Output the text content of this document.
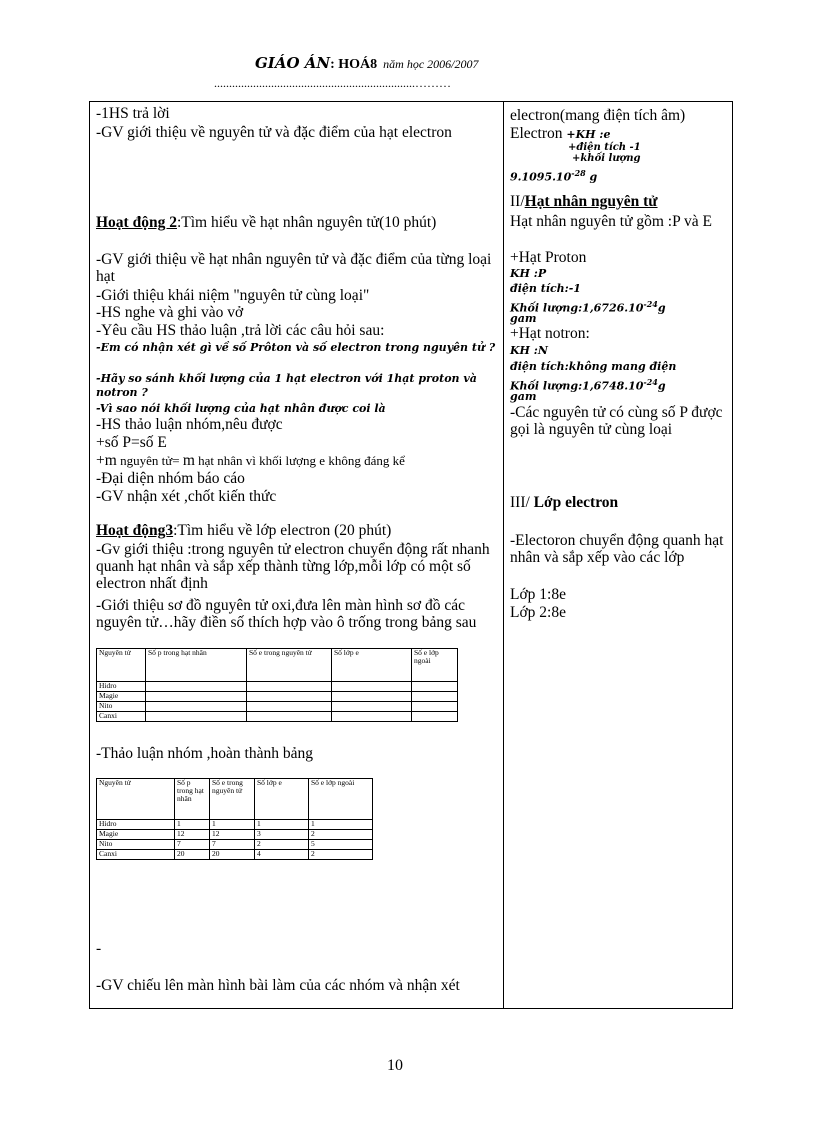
GIÁO ÁN: HOÁ8 năm học 2006/2007
...................................................................………
-1HS trả lời
-GV giới thiệu về nguyên tử và đặc điểm của hạt electron
Hoạt động 2:Tìm hiểu về hạt nhân nguyên tử(10 phút)
-GV giới thiệu về hạt nhân nguyên tử và đặc điểm của từng loại hạt
-Giới thiệu khái niệm "nguyên tử cùng loại"
-HS nghe và ghi vào vở
-Yêu cầu HS thảo luận ,trả lời các câu hỏi sau:
-Em có nhận xét gì về số Prôton và số electron trong nguyên tử ?
-Hãy so sánh khối lượng của 1 hạt electron với 1hạt proton và notron ?
-Vì sao nói khối lượng của hạt nhân được coi là
-HS thảo luận nhóm,nêu được
+số P=số E
+m nguyên tử= m hạt nhân vì khối lượng e không đáng kể
-Đại diện nhóm báo cáo
-GV nhận xét ,chốt kiến thức
Hoạt động3:Tìm hiểu về lớp electron (20 phút)
-Gv giới thiệu :trong nguyên tử electron chuyển động rất nhanh quanh hạt nhân và sắp xếp thành từng lớp,mỗi lớp có một số electron nhất định
-Giới thiệu sơ đồ nguyên tử oxi,đưa lên màn hình sơ đồ các nguyên tử…hãy điền số thích hợp vào ô trống trong bảng sau
Nguyên tử	Số p trong hạt nhân	Số e trong nguyên tử	Số lớp e	Số e lớp ngoài
Hidro				
Magie				
Nito				
Canxi				
-Thảo luận nhóm ,hoàn thành bảng
Nguyên tử	Số p trong hạt nhân	Số e trong nguyên tử	Số lớp e	Số e lớp ngoài
Hidro	1	1	1	1
Magie	12	12	3	2
Nito	7	7	2	5
Canxi	20	20	4	2
-
-GV chiếu lên màn hình bài làm của các nhóm và nhận xét
electron(mang điện tích âm)
Electron +KH :e
+điện tích -1
+khối lượng
$9.1095.10^{-28}$ g
II/Hạt nhân nguyên tử
Hạt nhân nguyên tử gồm :P và E
+Hạt Proton
KH :P
điện tích:-1
Khối $lượng:1,6726.10^{-24}g$
gam
+Hạt notron:
KH :N
điện tích:không mang điện
Khối $lượng:1,6748.10^{-24}g$
gam
-Các nguyên tử có cùng số P được gọi là nguyên tử cùng loại
III/ Lớp electron
-Electoron chuyển động quanh hạt nhân và sắp xếp vào các lớp
Lớp 1:8e
Lớp 2:8e
10
